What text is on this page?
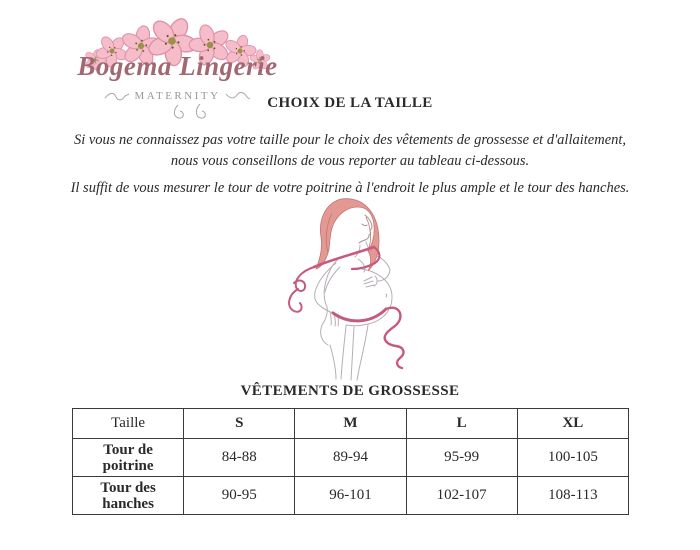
Bogema Lingerie
MATERNITY	CHOIX DE LA TAILLE

Si vous ne connaissez pas votre taille pour le choix des vêtements de grossesse et d'allaitement,
nous vous conseillons de vous reporter au tableau ci-dessous.

Il suffit de vous mesurer le tour de votre poitrine à l'endroit le plus ample et le tour des hanches.

VÊTEMENTS DE GROSSESSE
Taille	S	M	L	XL
Tour de poitrine	84-88	89-94	95-99	100-105
Tour des hanches	90-95	96-101	102-107	108-113
